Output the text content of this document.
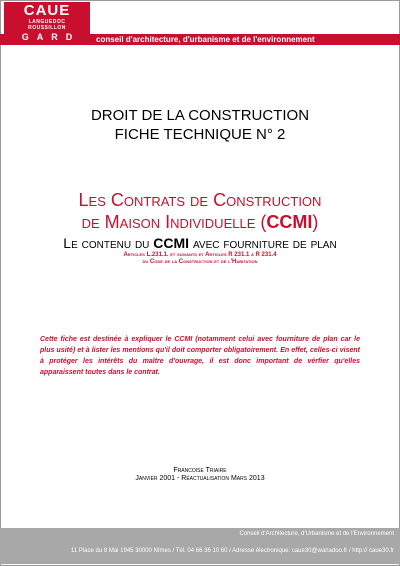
conseil d'architecture, d'urbanisme et de l'environnement
CAUE
LANGUEDOC
ROUSSILLON
GARD
DROIT DE LA CONSTRUCTION
FICHE TECHNIQUE N° 2
Les Contrats de Construction
de Maison Individuelle (CCMI)
Le contenu du CCMI avec fourniture de plan
Articles L.231.1. et suivants et Articles R 231.1 à R 231.4
du Code de la Construction et de l'Habitation
Cette fiche est destinée à expliquer le CCMI (notamment celui avec fourniture de plan car le plus usité) et à lister les mentions qu'il doit comporter obligatoirement. En effet, celles-ci visent à protéger les intérêts du maître d'ouvrage, il est donc important de vérfier qu'elles apparaissent toutes dans le contrat.
Francoise Triaire
Janvier 2001 - Réactualisation Mars 2013
Conseil d'Architecture, d'Urbanisme et de l'Environnement
11 Place du 8 Mai 1945 30000 Nîmes / Tél. 04 66 36 10 60 / Adresse électronique: caue30@wanadoo.fr / http:// caue30.fr
